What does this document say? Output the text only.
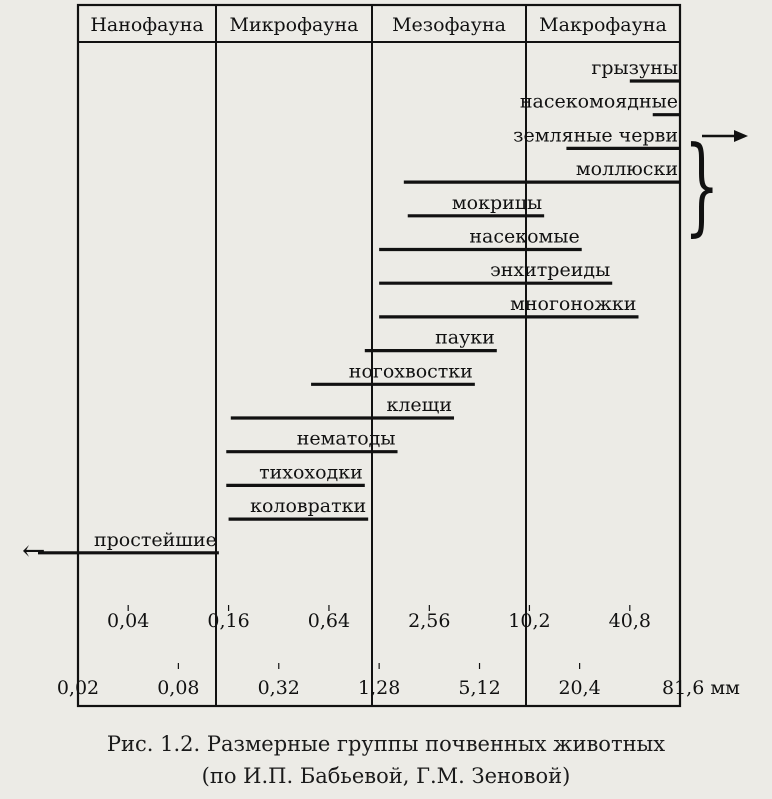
Нанофауна Микрофауна Мезофауна Макрофауна
грызуны
насекомоядные
земляные черви
моллюски
мокрицы
насекомые
энхитреиды
многоножки
пауки
ногохвостки
клещи
нематоды
тихоходки
коловратки
простейшие
←
}
0,04	0,16	0,64	2,56	10,2	40,8
0,02	0,08	0,32	1,28	5,12	20,4	81,6 мм
Рис. 1.2. Размерные группы почвенных животных
(по И.П. Бабьевой, Г.М. Зеновой)
